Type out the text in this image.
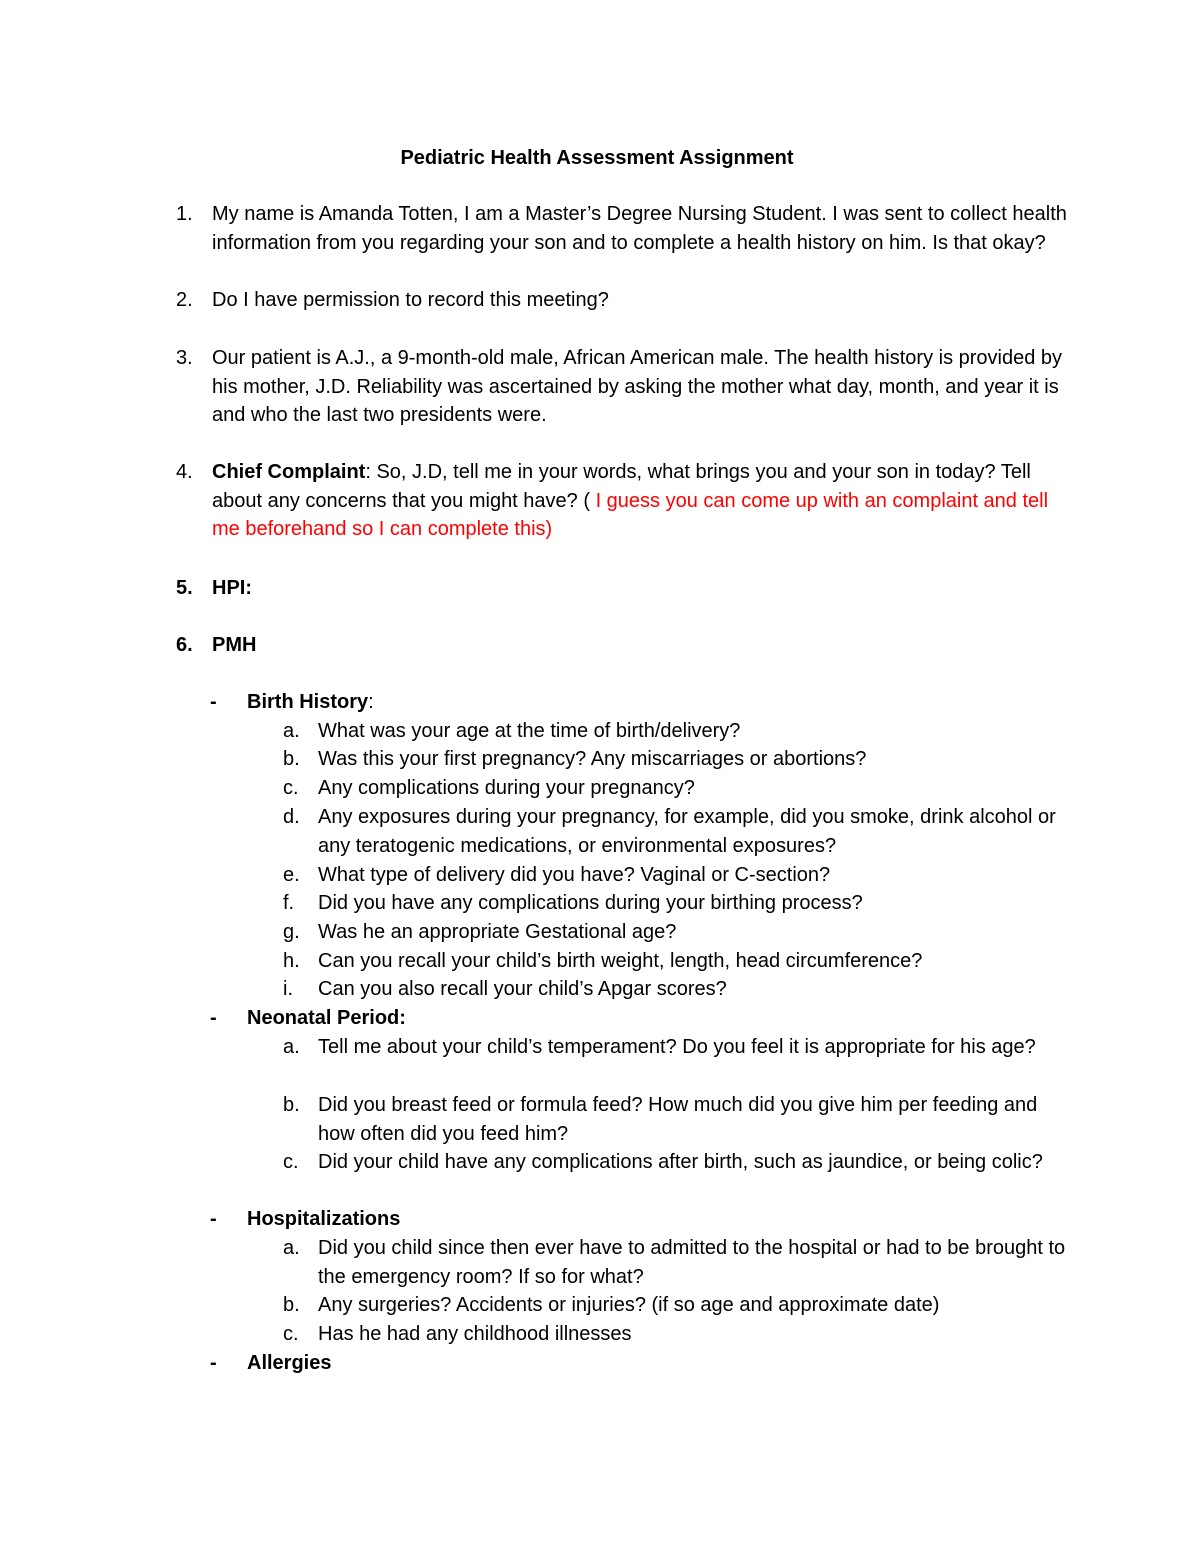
Pediatric Health Assessment Assignment
1. My name is Amanda Totten, I am a Master’s Degree Nursing Student. I was sent to collect health information from you regarding your son and to complete a health history on him. Is that okay?
2. Do I have permission to record this meeting?
3. Our patient is A.J., a 9-month-old male, African American male. The health history is provided by his mother, J.D. Reliability was ascertained by asking the mother what day, month, and year it is and who the last two presidents were.
4. Chief Complaint: So, J.D, tell me in your words, what brings you and your son in today? Tell about any concerns that you might have? ( I guess you can come up with an complaint and tell me beforehand so I can complete this)
5. HPI:
6. PMH
- Birth History:
a. What was your age at the time of birth/delivery?
b. Was this your first pregnancy? Any miscarriages or abortions?
c. Any complications during your pregnancy?
d. Any exposures during your pregnancy, for example, did you smoke, drink alcohol or any teratogenic medications, or environmental exposures?
e. What type of delivery did you have? Vaginal or C-section?
f. Did you have any complications during your birthing process?
g. Was he an appropriate Gestational age?
h. Can you recall your child’s birth weight, length, head circumference?
i. Can you also recall your child’s Apgar scores?
- Neonatal Period:
a. Tell me about your child’s temperament? Do you feel it is appropriate for his age?
b. Did you breast feed or formula feed? How much did you give him per feeding and how often did you feed him?
c. Did your child have any complications after birth, such as jaundice, or being colic?
- Hospitalizations
a. Did you child since then ever have to admitted to the hospital or had to be brought to the emergency room? If so for what?
b. Any surgeries? Accidents or injuries? (if so age and approximate date)
c. Has he had any childhood illnesses
- Allergies
